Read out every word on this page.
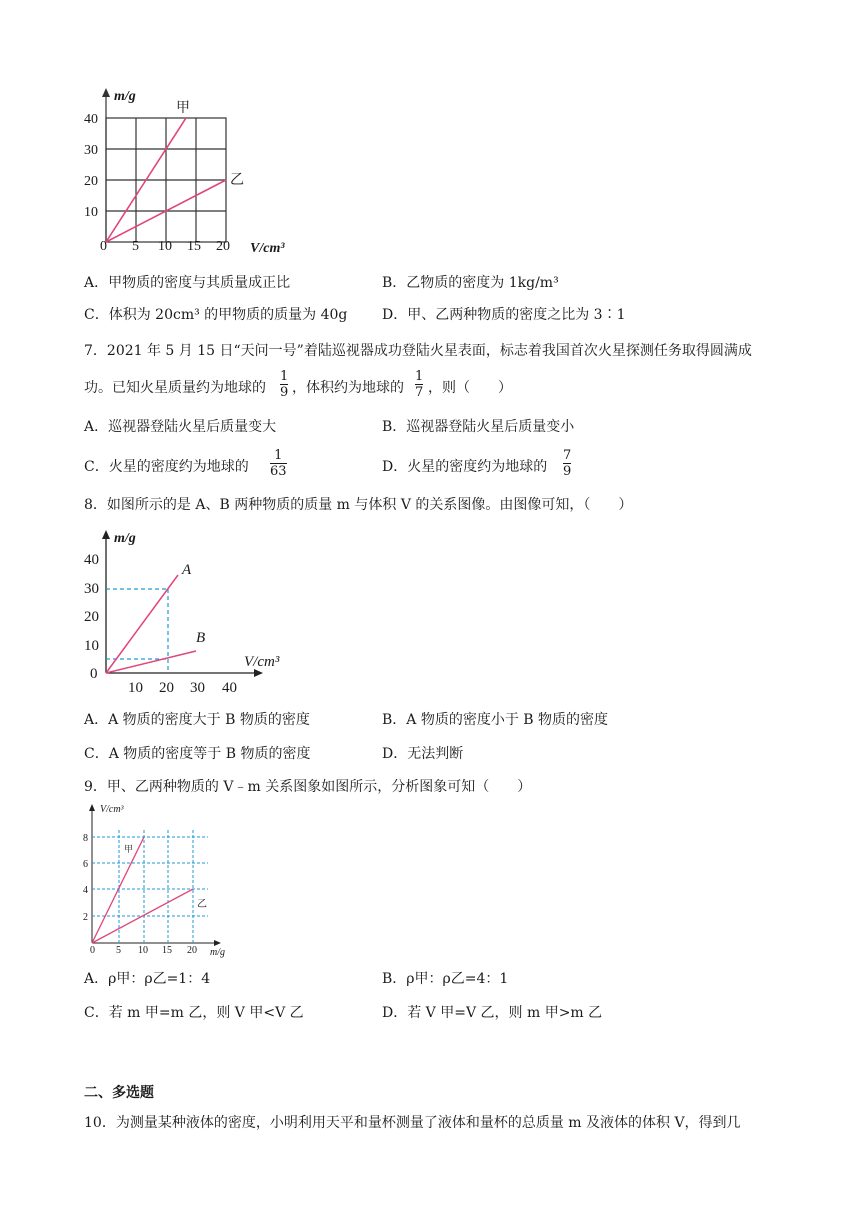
m/g
40
30
20
10
0 5 10 15 20 V/cm³
甲
乙
A．甲物质的密度与其质量成正比	B．乙物质的密度为 1kg/m³
C．体积为 20cm³ 的甲物质的质量为 40g D．甲、乙两种物质的密度之比为 3∶1
7．2021 年 5 月 15 日“天问一号”着陆巡视器成功登陆火星表面，标志着我国首次火星探测任务取得圆满成
功。已知火星质量约为地球的
1
9 ，体积约为地球的
1
7 ，则（　　）
A．巡视器登陆火星后质量变大	B．巡视器登陆火星后质量变小
C．火星的密度约为地球的
1
63	D．火星的密度约为地球的
7
9
8．如图所示的是 A、B 两种物质的质量 m 与体积 V 的关系图像。由图像可知，（　　）
m/g
40
30
20
10
0
10 20 30 40
V/cm³
A
B
A．A 物质的密度大于 B 物质的密度	B．A 物质的密度小于 B 物质的密度
C．A 物质的密度等于 B 物质的密度	D．无法判断
9．甲、乙两种物质的 V﹣m 关系图象如图所示，分析图象可知（　　）
V/cm³
8
6
4
2
0 5 10 15 20 m/g
甲
乙
A．ρ甲：ρ乙=1：4	B．ρ甲：ρ乙=4：1
C．若 m 甲=m 乙，则 V 甲<V 乙	D．若 V 甲=V 乙，则 m 甲>m 乙
二、多选题
10．为测量某种液体的密度，小明利用天平和量杯测量了液体和量杯的总质量 m 及液体的体积 V，得到几
